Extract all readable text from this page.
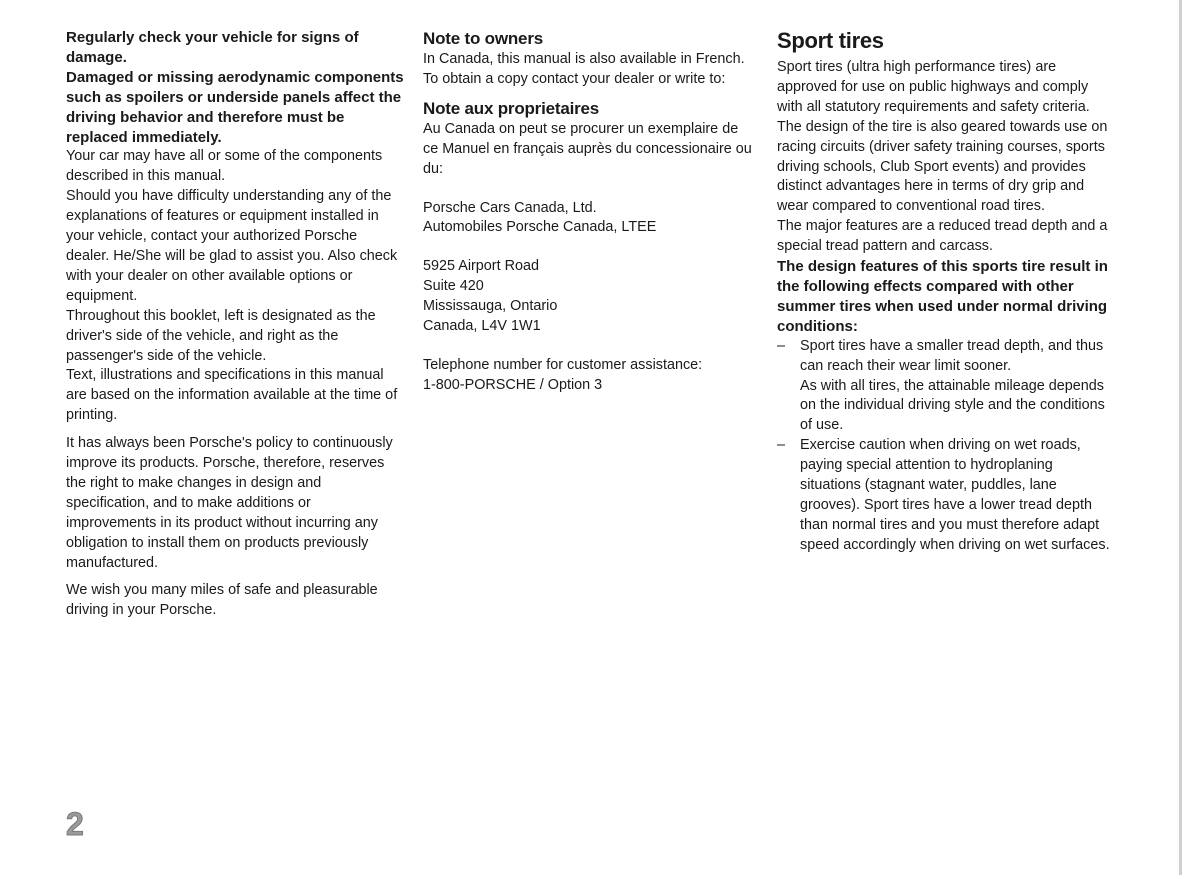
Regularly check your vehicle for signs of damage.

Damaged or missing aerodynamic components such as spoilers or underside panels affect the driving behavior and therefore must be replaced immediately.

Your car may have all or some of the components described in this manual.

Should you have difficulty understanding any of the explanations of features or equipment installed in your vehicle, contact your authorized Porsche dealer. He/She will be glad to assist you. Also check with your dealer on other available options or equipment.

Throughout this booklet, left is designated as the driver's side of the vehicle, and right as the passenger's side of the vehicle.

Text, illustrations and specifications in this manual are based on the information available at the time of printing.

It has always been Porsche's policy to continuously improve its products. Porsche, therefore, reserves the right to make changes in design and specification, and to make additions or improvements in its product without incurring any obligation to install them on products previously manufactured.

We wish you many miles of safe and pleasurable driving in your Porsche.

Note to owners

In Canada, this manual is also available in French. To obtain a copy contact your dealer or write to:

Note aux proprietaires

Au Canada on peut se procurer un exemplaire de ce Manuel en français auprès du concessionaire ou du:

Porsche Cars Canada, Ltd.

Automobiles Porsche Canada, LTEE

5925 Airport Road

Suite 420

Mississauga, Ontario

Canada, L4V 1W1

Telephone number for customer assistance:

1-800-PORSCHE / Option 3

Sport tires

Sport tires (ultra high performance tires) are approved for use on public highways and comply with all statutory requirements and safety criteria.

The design of the tire is also geared towards use on racing circuits (driver safety training courses, sports driving schools, Club Sport events) and provides distinct advantages here in terms of dry grip and wear compared to conventional road tires.

The major features are a reduced tread depth and a special tread pattern and carcass.

The design features of this sports tire result in the following effects compared with other summer tires when used under normal driving conditions:

– Sport tires have a smaller tread depth, and thus can reach their wear limit sooner.
As with all tires, the attainable mileage depends on the individual driving style and the conditions of use.
– Exercise caution when driving on wet roads, paying special attention to hydroplaning situations (stagnant water, puddles, lane grooves). Sport tires have a lower tread depth than normal tires and you must therefore adapt speed accordingly when driving on wet surfaces.
2
